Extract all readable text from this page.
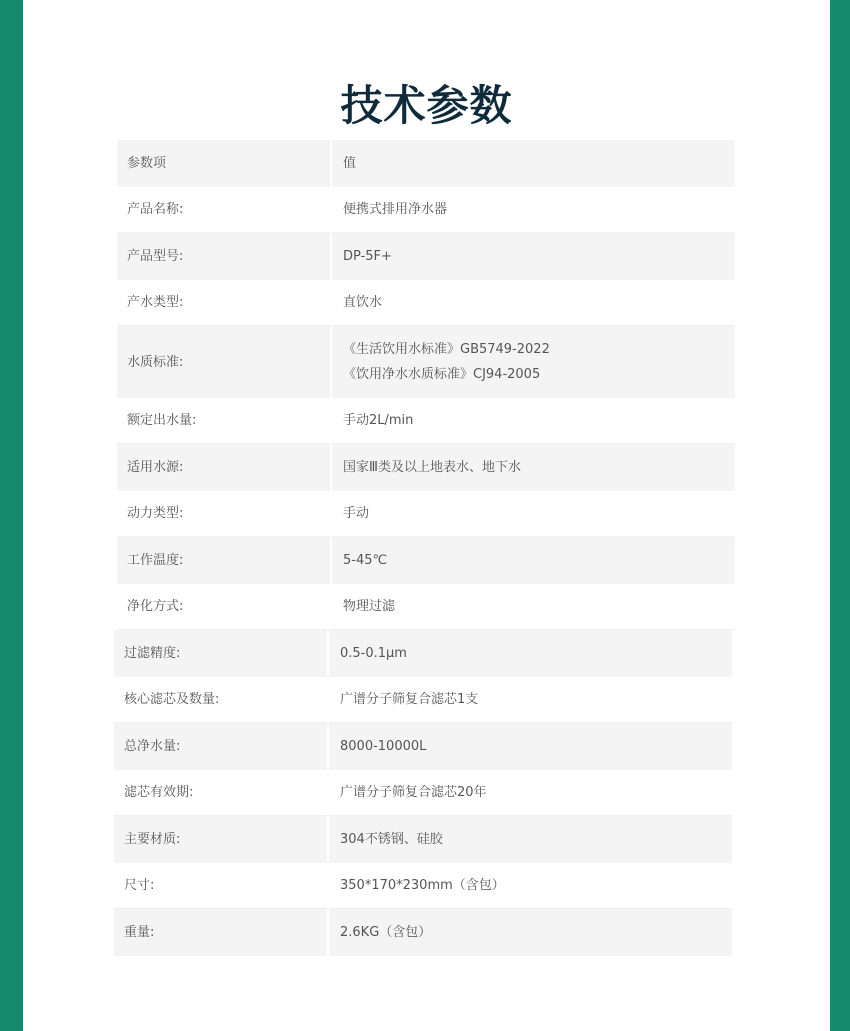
技术参数
参数项	值
产品名称:	便携式排用净水器
产品型号:	DP-5F+
产水类型:	直饮水
水质标准:
《生活饮用水标准》GB5749-2022
《饮用净水水质标准》CJ94-2005
额定出水量:	手动2L/min
适用水源:	国家Ⅲ类及以上地表水、地下水
动力类型:	手动
工作温度:	5-45℃
净化方式:	物理过滤
过滤精度:	0.5-0.1μm
核心滤芯及数量:	广谱分子筛复合滤芯1支
总净水量:	8000-10000L
滤芯有效期:	广谱分子筛复合滤芯20年
主要材质:	304不锈钢、硅胶
尺寸:	350*170*230mm（含包）
重量:	2.6KG（含包）
